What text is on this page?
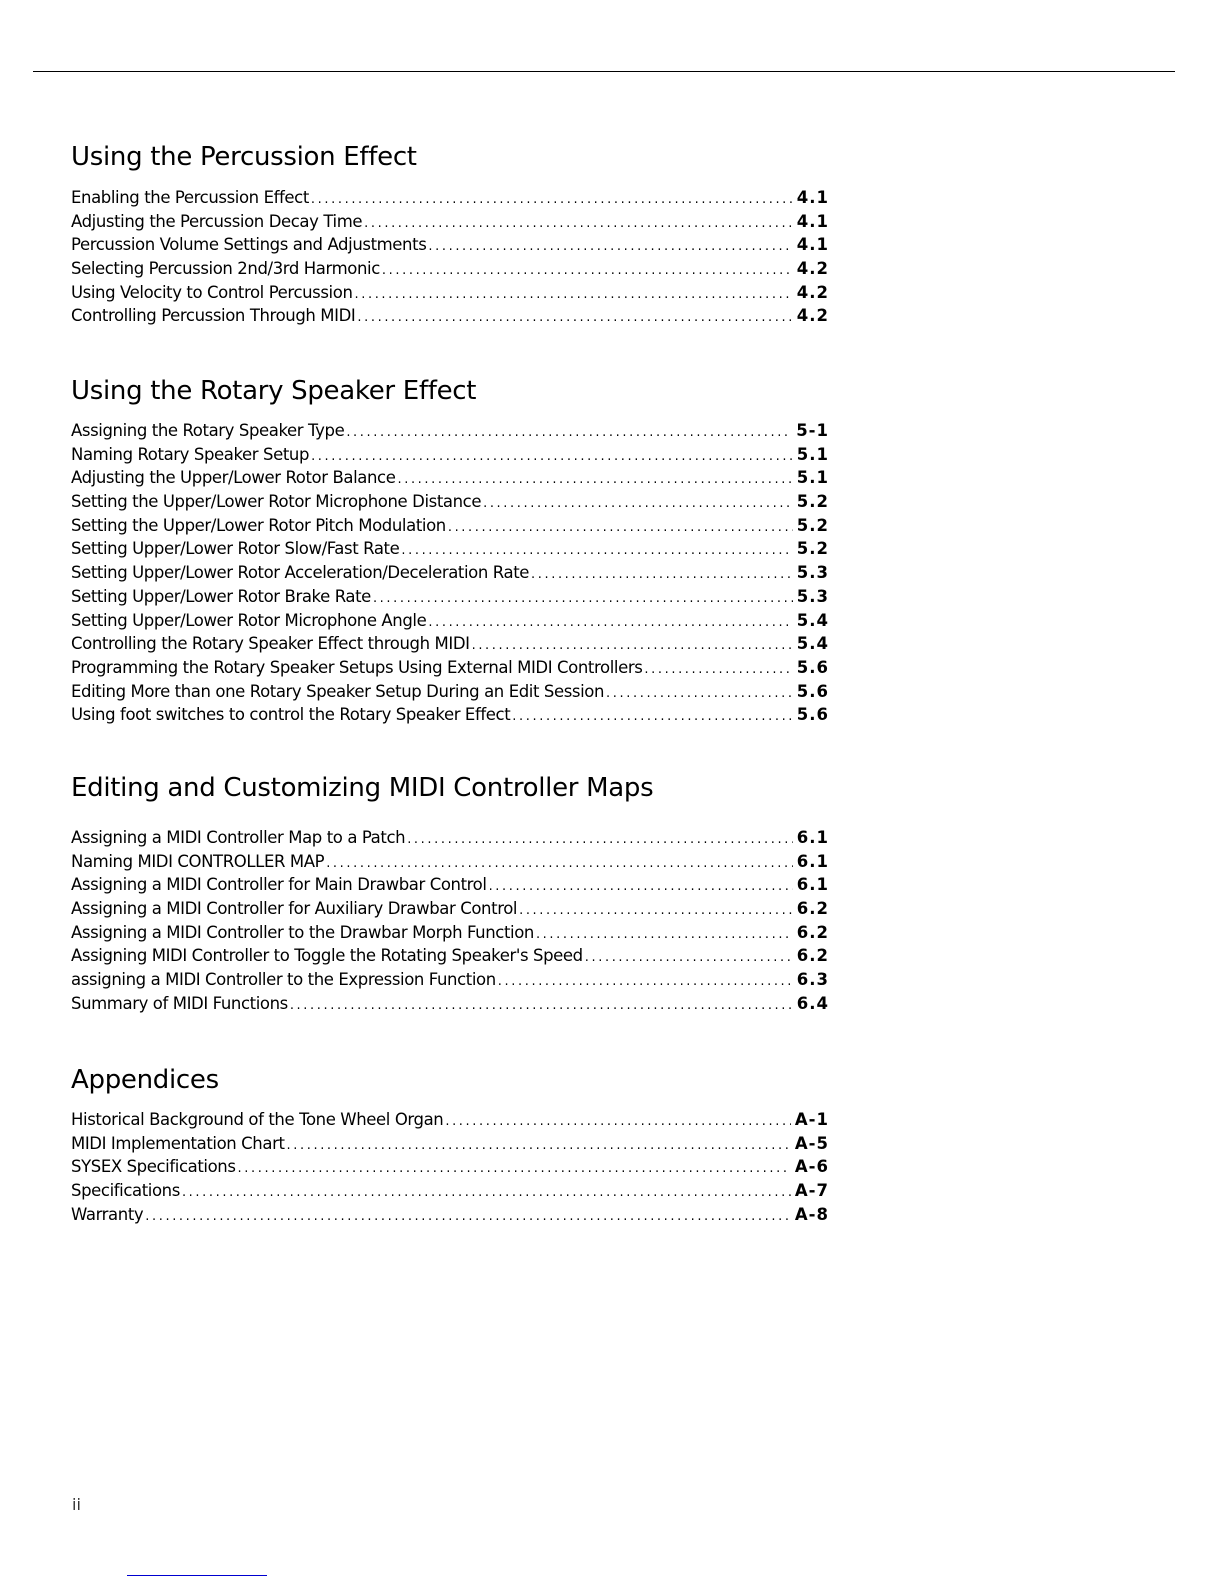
Using the Percussion Effect
Enabling the Percussion Effect .....	4.1
Adjusting the Percussion Decay Time .....	4.1
Percussion Volume Settings and Adjustments .....	4.1
Selecting Percussion 2nd/3rd Harmonic .....	4.2
Using Velocity to Control Percussion .....	4.2
Controlling Percussion Through MIDI .....	4.2
Using the Rotary Speaker Effect
Assigning the Rotary Speaker Type .....	5-1
Naming Rotary Speaker Setup .....	5.1
Adjusting the Upper/Lower Rotor Balance .....	5.1
Setting the Upper/Lower Rotor Microphone Distance .....	5.2
Setting the Upper/Lower Rotor Pitch Modulation .....	5.2
Setting Upper/Lower Rotor Slow/Fast Rate .....	5.2
Setting Upper/Lower Rotor Acceleration/Deceleration Rate .....	5.3
Setting Upper/Lower Rotor Brake Rate .....	5.3
Setting Upper/Lower Rotor Microphone Angle .....	5.4
Controlling the Rotary Speaker Effect through MIDI .....	5.4
Programming the Rotary Speaker Setups Using External MIDI Controllers .....	5.6
Editing More than one Rotary Speaker Setup During an Edit Session .....	5.6
Using foot switches to control the Rotary Speaker Effect .....	5.6
Editing and Customizing MIDI Controller Maps
Assigning a MIDI Controller Map to a Patch .....	6.1
Naming MIDI CONTROLLER MAP .....	6.1
Assigning a MIDI Controller for Main Drawbar Control .....	6.1
Assigning a MIDI Controller for Auxiliary Drawbar Control .....	6.2
Assigning a MIDI Controller to the Drawbar Morph Function .....	6.2
Assigning MIDI Controller to Toggle the Rotating Speaker's Speed .....	6.2
assigning a MIDI Controller to the Expression Function .....	6.3
Summary of MIDI Functions .....	6.4
Appendices
Historical Background of the Tone Wheel Organ .....	A-1
MIDI Implementation Chart .....	A-5
SYSEX Specifications .....	A-6
Specifications .....	A-7
Warranty .....	A-8
ii
